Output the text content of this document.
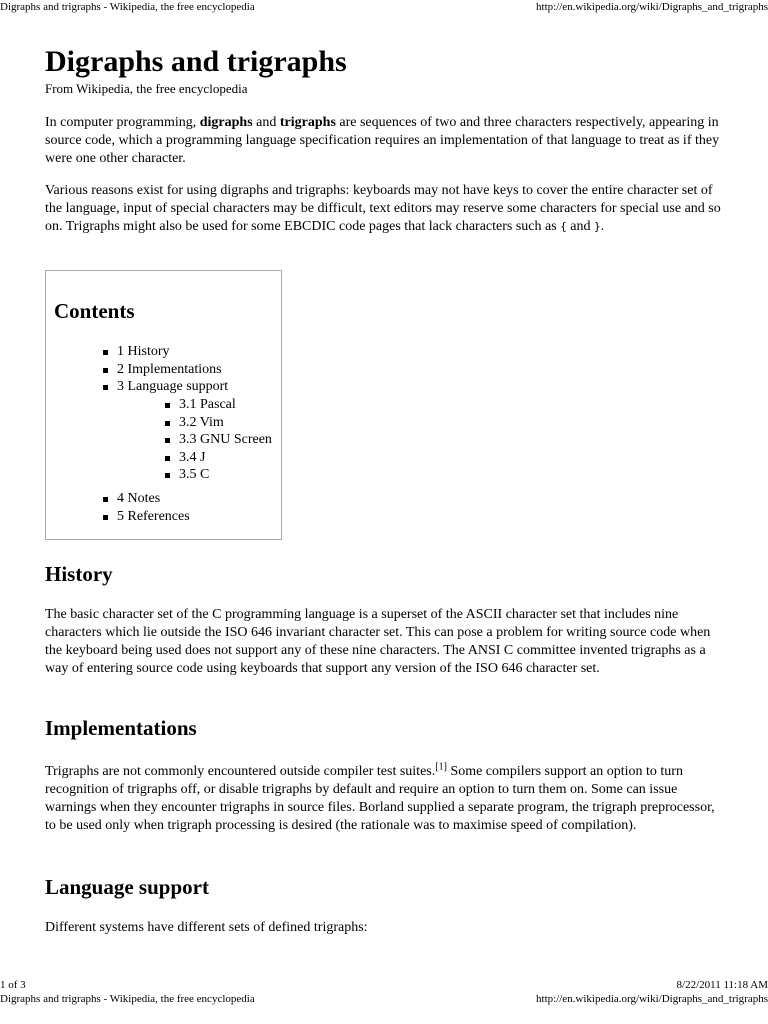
Digraphs and trigraphs - Wikipedia, the free encyclopedia	http://en.wikipedia.org/wiki/Digraphs_and_trigraphs
Digraphs and trigraphs
From Wikipedia, the free encyclopedia

In computer programming, digraphs and trigraphs are sequences of two and three characters respectively, appearing in source code, which a programming language specification requires an implementation of that language to treat as if they were one other character.

Various reasons exist for using digraphs and trigraphs: keyboards may not have keys to cover the entire character set of the language, input of special characters may be difficult, text editors may reserve some characters for special use and so on. Trigraphs might also be used for some EBCDIC code pages that lack characters such as { and }.

Contents
1 History
2 Implementations
3 Language support
3.1 Pascal
3.2 Vim
3.3 GNU Screen
3.4 J
3.5 C
4 Notes
5 References
History

The basic character set of the C programming language is a superset of the ASCII character set that includes nine characters which lie outside the ISO 646 invariant character set. This can pose a problem for writing source code when the keyboard being used does not support any of these nine characters. The ANSI C committee invented trigraphs as a way of entering source code using keyboards that support any version of the ISO 646 character set.

Implementations

Trigraphs are not commonly encountered outside compiler test suites.[1] Some compilers support an option to turn recognition of trigraphs off, or disable trigraphs by default and require an option to turn them on. Some can issue warnings when they encounter trigraphs in source files. Borland supplied a separate program, the trigraph preprocessor, to be used only when trigraph processing is desired (the rationale was to maximise speed of compilation).

Language support

Different systems have different sets of defined trigraphs:

1 of 3	8/22/2011 11:18 AM
Digraphs and trigraphs - Wikipedia, the free encyclopedia	http://en.wikipedia.org/wiki/Digraphs_and_trigraphs
